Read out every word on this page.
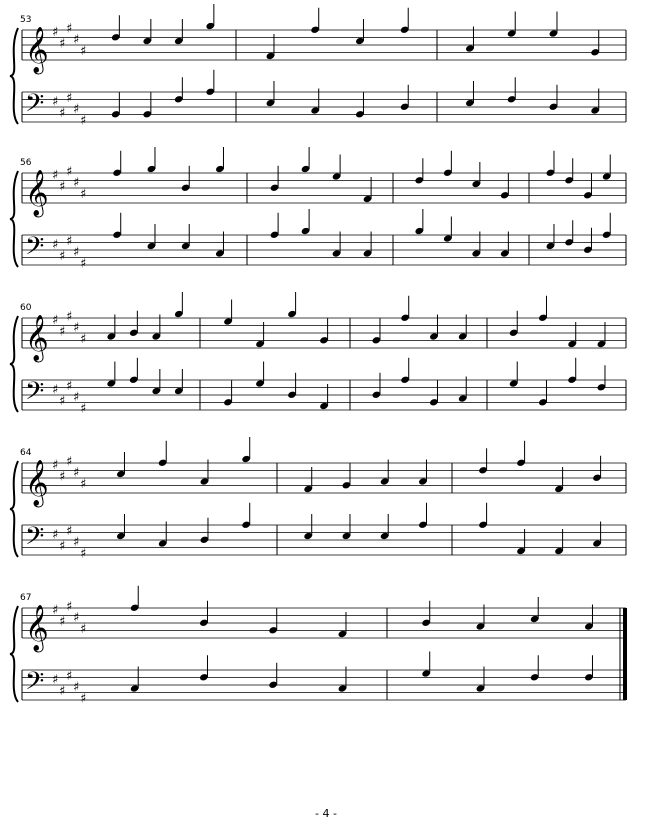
𝄞 ♯
♯
♯
♯
♯
𝄢 ♯
♯
♯
♯
♯
53
𝄞 ♯
♯
♯
♯
♯
𝄢 ♯
♯
♯
♯
♯
56
𝄞 ♯
♯
♯
♯
♯
𝄢 ♯
♯
♯
♯
♯
60
𝄞 ♯
♯
♯
♯
♯
𝄢 ♯
♯
♯
♯
♯
64
𝄞 ♯
♯
♯
♯
♯
𝄢 ♯
♯
♯
♯
♯
67
- 4 -
